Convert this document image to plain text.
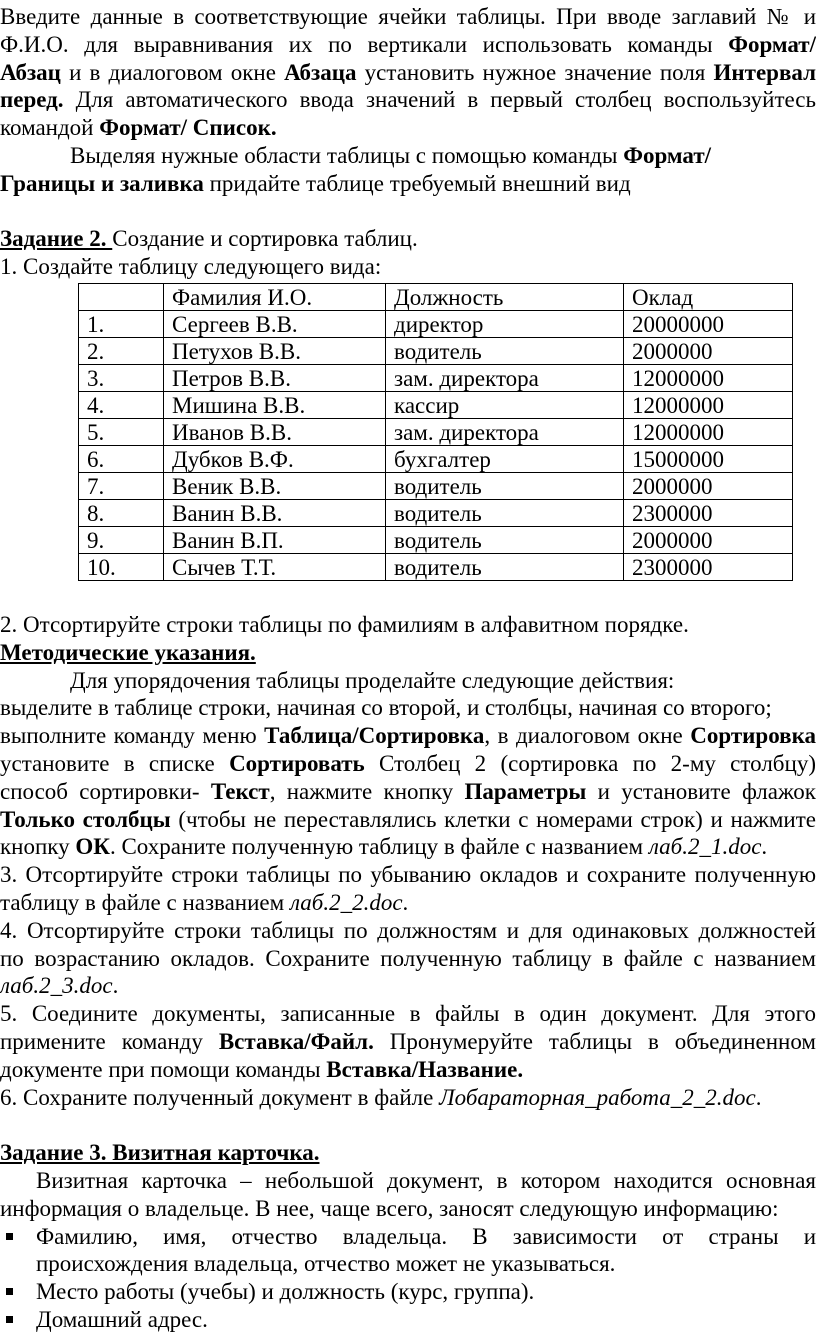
Введите данные в соответствующие ячейки таблицы. При вводе заглавий № и

Ф.И.О. для выравнивания их по вертикали использовать команды Формат/

Абзац и в диалоговом окне Абзаца установить нужное значение поля Интервал

перед. Для автоматического ввода значений в первый столбец воспользуйтесь

командой Формат/ Список.

Выделяя нужные области таблицы с помощью команды Формат/

Границы и заливка придайте таблице требуемый внешний вид

Задание 2. Создание и сортировка таблиц.

1. Создайте таблицу следующего вида:

	Фамилия И.О.	Должность	Оклад
1.	Сергеев В.В.	директор	20000000
2.	Петухов В.В.	водитель	2000000
3.	Петров В.В.	зам. директора	12000000
4.	Мишина В.В.	кассир	12000000
5.	Иванов В.В.	зам. директора	12000000
6.	Дубков В.Ф.	бухгалтер	15000000
7.	Веник В.В.	водитель	2000000
8.	Ванин В.В.	водитель	2300000
9.	Ванин В.П.	водитель	2000000
10.	Сычев Т.Т.	водитель	2300000

2. Отсортируйте строки таблицы по фамилиям в алфавитном порядке.

Методические указания.

Для упорядочения таблицы проделайте следующие действия:

выделите в таблице строки, начиная со второй, и столбцы, начиная со второго;

выполните команду меню Таблица/Сортировка, в диалоговом окне Сортировка

установите в списке Сортировать Столбец 2 (сортировка по 2-му столбцу)

способ сортировки- Текст, нажмите кнопку Параметры и установите флажок

Только столбцы (чтобы не переставлялись клетки с номерами строк) и нажмите

кнопку ОК. Сохраните полученную таблицу в файле с названием лаб.2_1.doc.

3. Отсортируйте строки таблицы по убыванию окладов и сохраните полученную

таблицу в файле с названием лаб.2_2.doc.

4. Отсортируйте строки таблицы по должностям и для одинаковых должностей

по возрастанию окладов. Сохраните полученную таблицу в файле с названием

лаб.2_3.doc.

5. Соедините документы, записанные в файлы в один документ. Для этого

примените команду Вставка/Файл. Пронумеруйте таблицы в объединенном

документе при помощи команды Вставка/Название.

6. Сохраните полученный документ в файле Лобараторная_работа_2_2.doc.

Задание 3. Визитная карточка.

Визитная карточка – небольшой документ, в котором находится основная

информация о владельце. В нее, чаще всего, заносят следующую информацию:

Фамилию, имя, отчество владельца. В зависимости от страны и
происхождения владельца, отчество может не указываться.
Место работы (учебы) и должность (курс, группа).
Домашний адрес.
